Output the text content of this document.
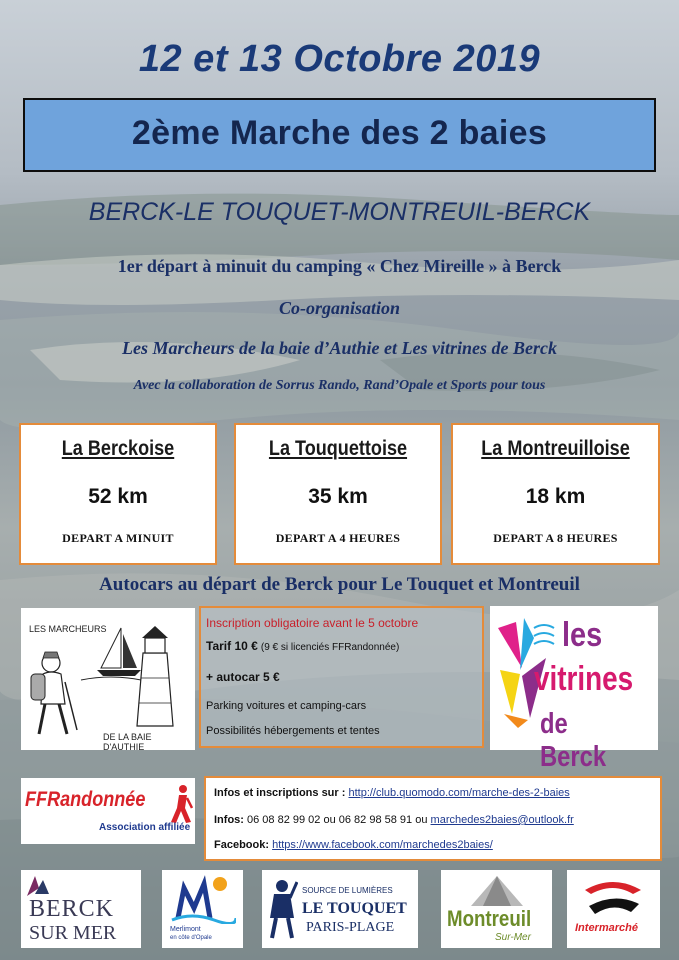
12 et 13 Octobre 2019
2ème Marche des 2 baies
BERCK-LE TOUQUET-MONTREUIL-BERCK
1er départ à minuit du camping « Chez Mireille » à Berck
Co-organisation
Les Marcheurs de la baie d’Authie et Les vitrines de Berck
Avec la collaboration de Sorrus Rando, Rand’Opale et Sports pour tous
La Berckoise
52 km
DEPART A MINUIT
La Touquettoise
35 km
DEPART A 4 HEURES
La Montreuilloise
18 km
DEPART A 8 HEURES
Autocars au départ de Berck pour Le Touquet et Montreuil
LES MARCHEURS
DE LA BAIE D'AUTHIE
Inscription obligatoire avant le 5 octobre
Tarif 10 € (9 € si licenciés FFRandonnée)
+ autocar 5 €
Parking voitures et camping-cars
Possibilités hébergements et tentes
les
vitrines
de Berck
FFRandonnée
Association affiliée
Infos et inscriptions sur : http://club.quomodo.com/marche-des-2-baies
Infos: 06 08 82 99 02 ou 06 82 98 58 91 ou marchedes2baies@outlook.fr
Facebook: https://www.facebook.com/marchedes2baies/
BERCK
SUR MER	Merlimont
en côte d'Opale
SOURCE DE LUMIÈRES
LE TOUQUET
PARIS-PLAGE Montreuil
Sur-Mer
Intermarché
